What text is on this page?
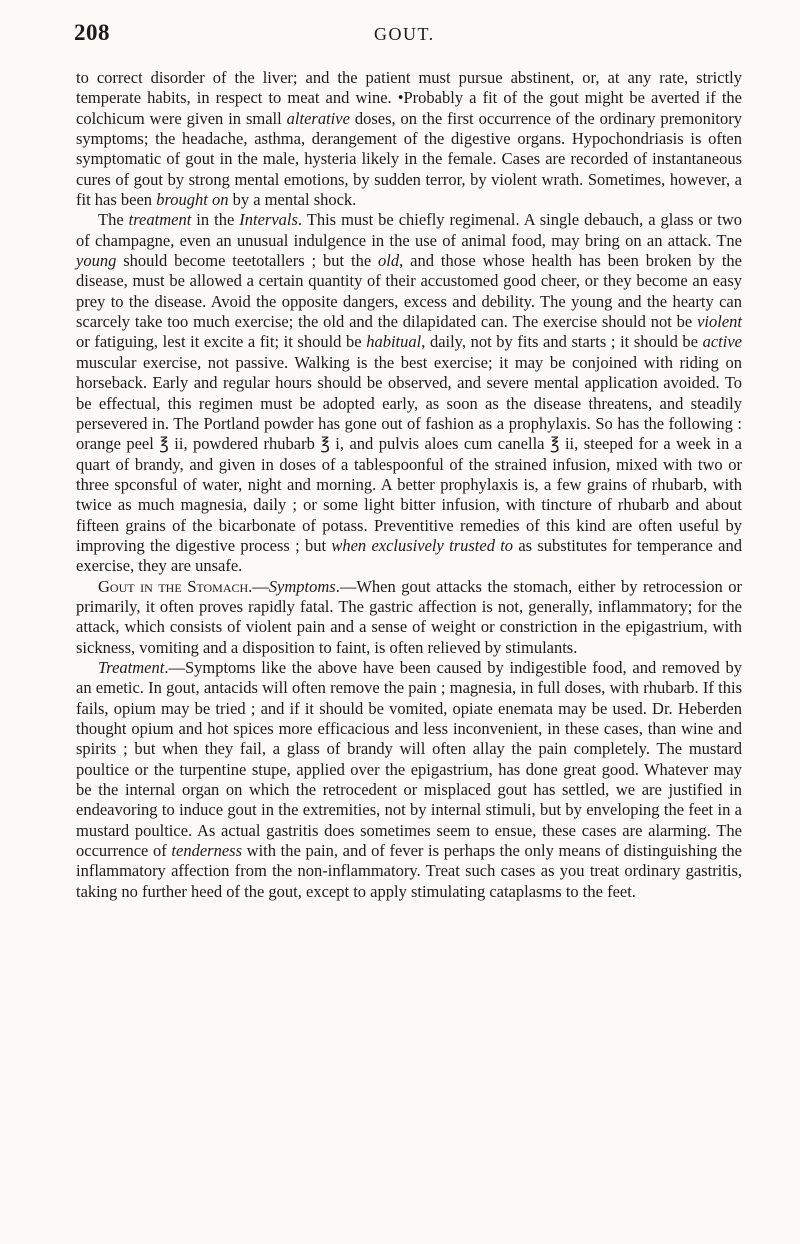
208	GOUT.

to correct disorder of the liver; and the patient must pursue abstinent, or, at any rate, strictly temperate habits, in respect to meat and wine. •Probably a fit of the gout might be averted if the colchicum were given in small alterative doses, on the first occurrence of the ordinary premonitory symptoms; the headache, asthma, derangement of the digestive organs. Hypochondriasis is often symptomatic of gout in the male, hysteria likely in the female. Cases are recorded of instantaneous cures of gout by strong mental emotions, by sudden terror, by violent wrath. Sometimes, however, a fit has been brought on by a mental shock.

The treatment in the Intervals. This must be chiefly regimenal. A single debauch, a glass or two of champagne, even an unusual indulgence in the use of animal food, may bring on an attack. Tne young should become teetotallers ; but the old, and those whose health has been broken by the disease, must be allowed a certain quantity of their accustomed good cheer, or they become an easy prey to the disease. Avoid the opposite dangers, excess and debility. The young and the hearty can scarcely take too much exercise; the old and the dilapidated can. The exercise should not be violent or fatiguing, lest it excite a fit; it should be habitual, daily, not by fits and starts ; it should be active muscular exercise, not passive. Walking is the best exercise; it may be conjoined with riding on horseback. Early and regular hours should be observed, and severe mental application avoided. To be effectual, this regimen must be adopted early, as soon as the disease threatens, and steadily persevered in. The Portland powder has gone out of fashion as a prophylaxis. So has the following : orange peel ℥ ii, powdered rhubarb ℥ i, and pulvis aloes cum canella ℥ ii, steeped for a week in a quart of brandy, and given in doses of a tablespoonful of the strained infusion, mixed with two or three spconsful of water, night and morning. A better prophylaxis is, a few grains of rhubarb, with twice as much magnesia, daily ; or some light bitter infusion, with tincture of rhubarb and about fifteen grains of the bicarbonate of potass. Preventitive remedies of this kind are often useful by improving the digestive process ; but when exclusively trusted to as substitutes for temperance and exercise, they are unsafe.

Gout in the Stomach.—Symptoms.—When gout attacks the stomach, either by retrocession or primarily, it often proves rapidly fatal. The gastric affection is not, generally, inflammatory; for the attack, which consists of violent pain and a sense of weight or constriction in the epigastrium, with sickness, vomiting and a disposition to faint, is often relieved by stimulants.

Treatment.—Symptoms like the above have been caused by indigestible food, and removed by an emetic. In gout, antacids will often remove the pain ; magnesia, in full doses, with rhubarb. If this fails, opium may be tried ; and if it should be vomited, opiate enemata may be used. Dr. Heberden thought opium and hot spices more efficacious and less inconvenient, in these cases, than wine and spirits ; but when they fail, a glass of brandy will often allay the pain completely. The mustard poultice or the turpentine stupe, applied over the epigastrium, has done great good. Whatever may be the internal organ on which the retrocedent or misplaced gout has settled, we are justified in endeavoring to induce gout in the extremities, not by internal stimuli, but by enveloping the feet in a mustard poultice. As actual gastritis does sometimes seem to ensue, these cases are alarming. The occurrence of tenderness with the pain, and of fever is perhaps the only means of distinguishing the inflammatory affection from the non-inflammatory. Treat such cases as you treat ordinary gastritis, taking no further heed of the gout, except to apply stimulating cataplasms to the feet.
